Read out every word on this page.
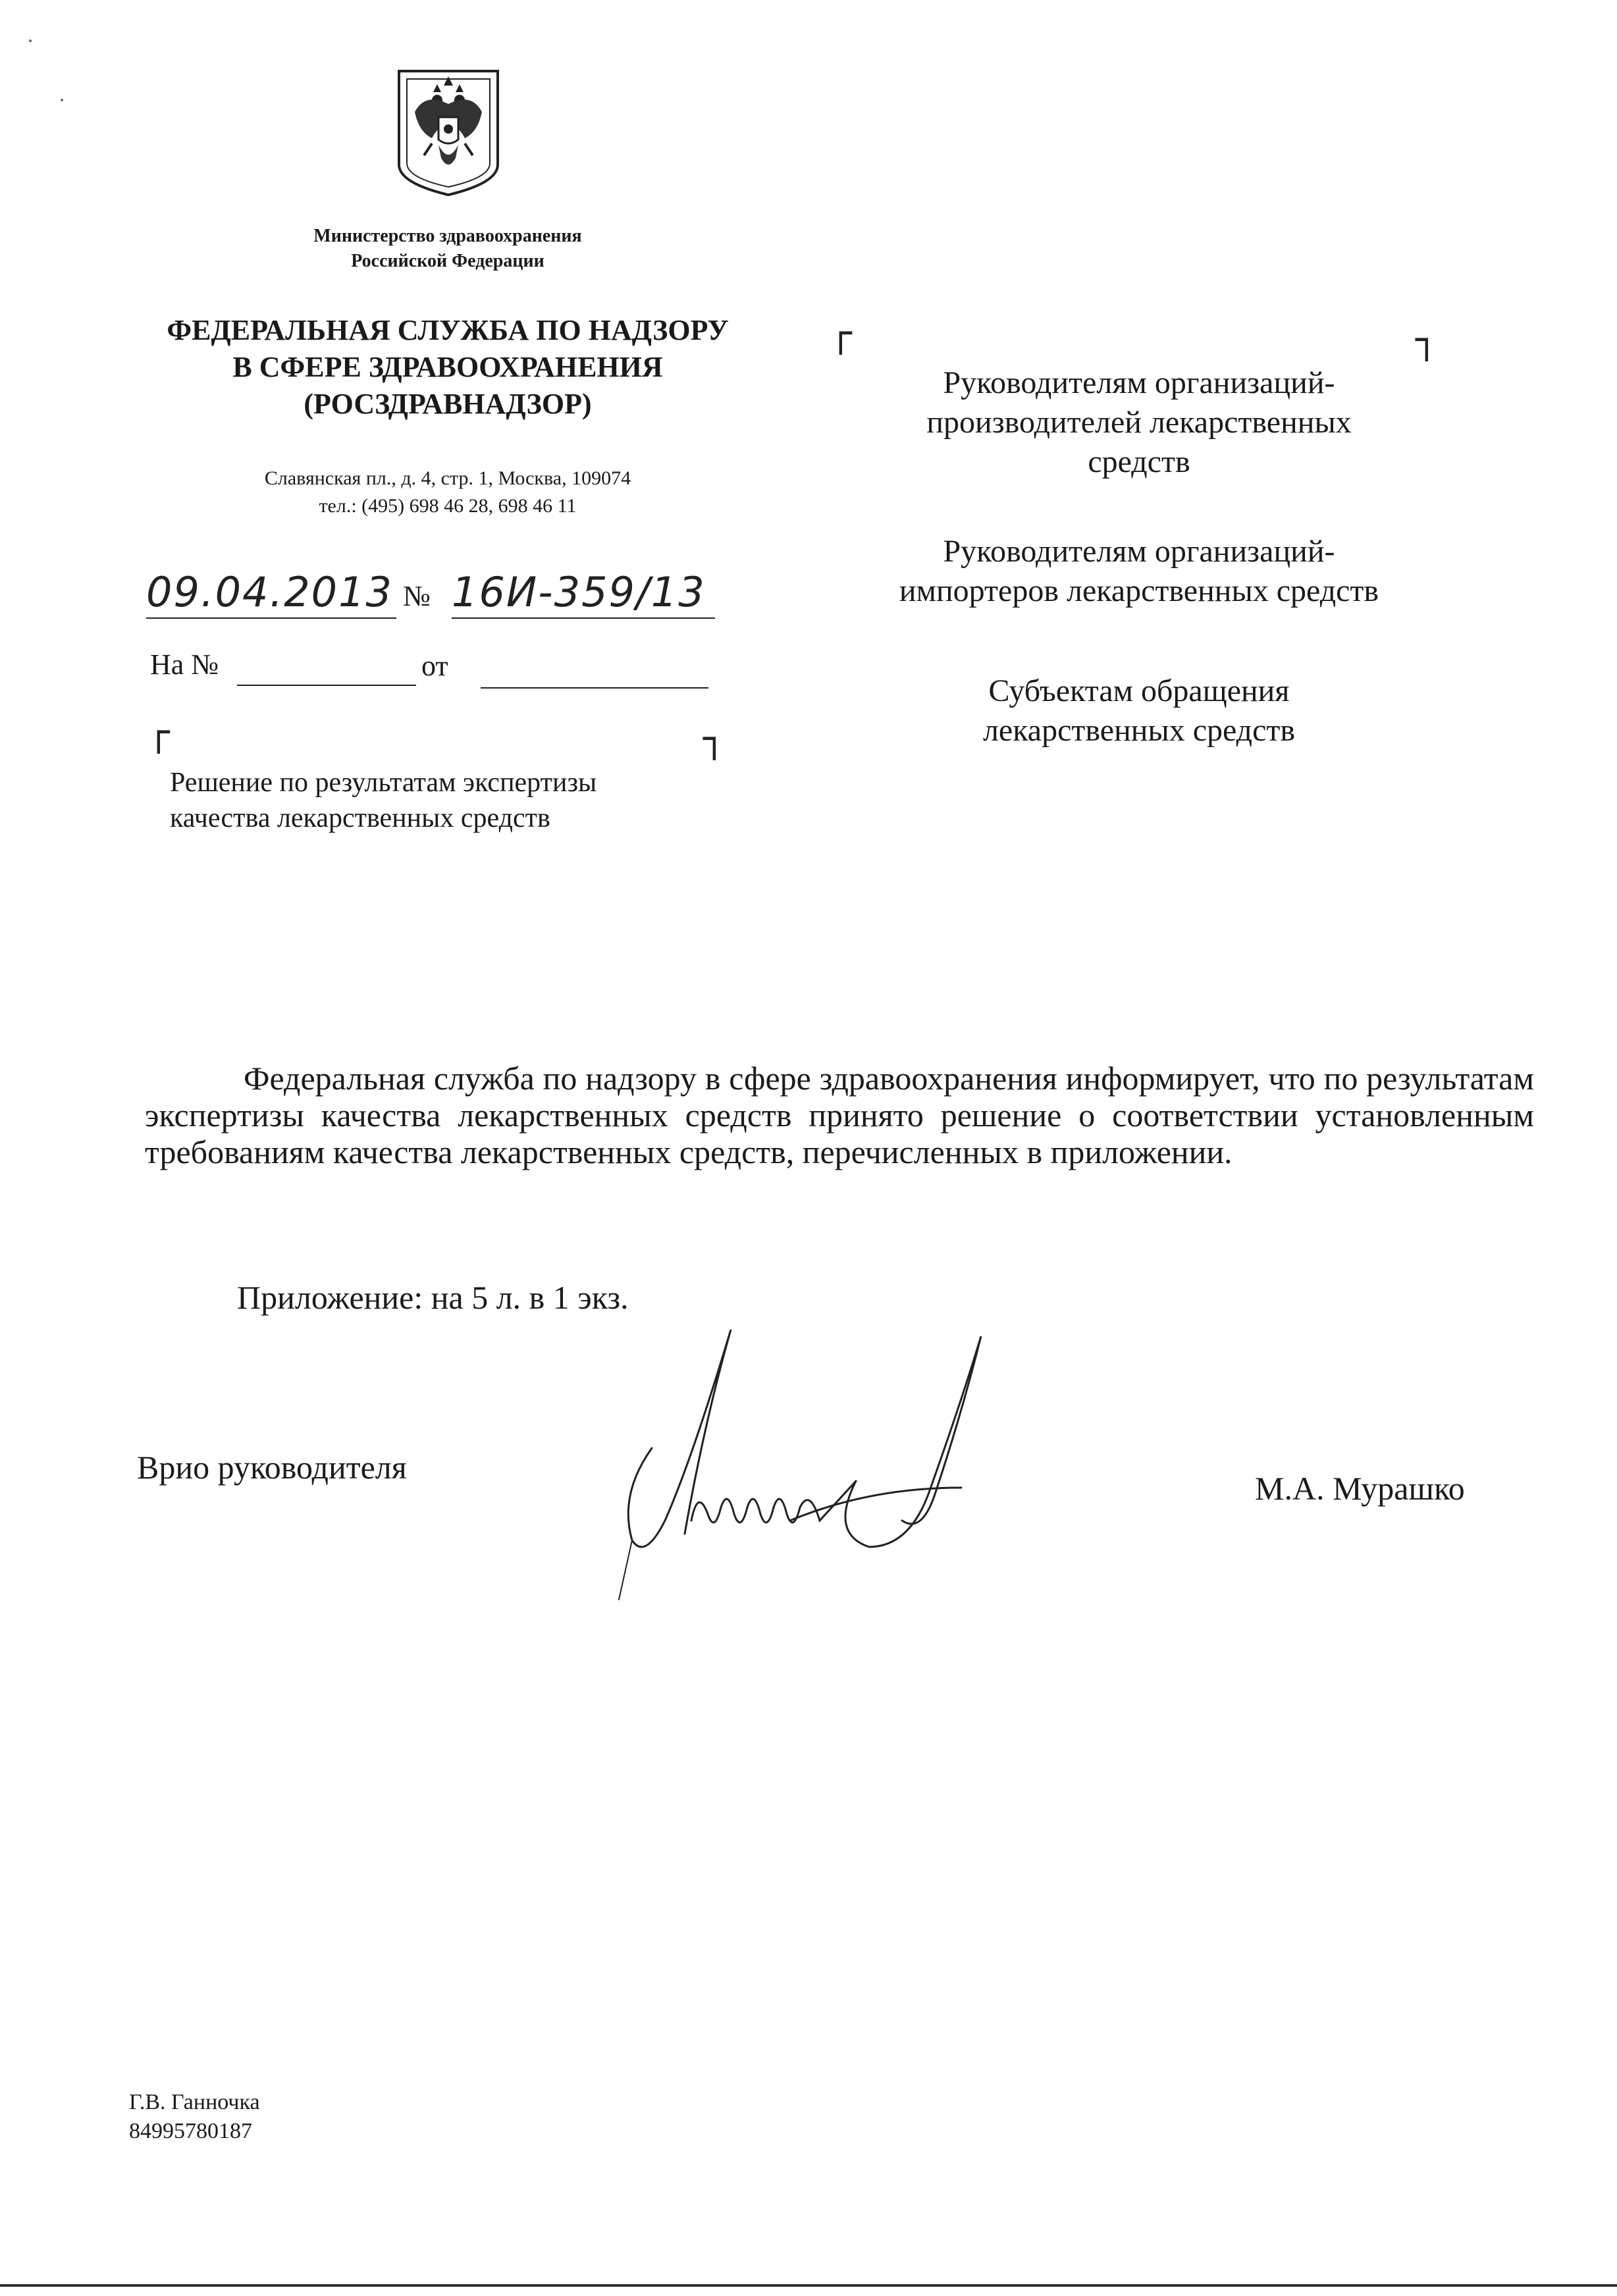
Министерство здравоохранения
Российской Федерации
ФЕДЕРАЛЬНАЯ СЛУЖБА ПО НАДЗОРУ
В СФЕРЕ ЗДРАВООХРАНЕНИЯ
(РОСЗДРАВНАДЗОР)
Славянская пл., д. 4, стр. 1, Москва, 109074
тел.: (495) 698 46 28, 698 46 11
09.04.2013 № 16И-359/13
На №	от
┌	┐
Решение по результатам экспертизы
качества лекарственных средств
┌	┐
Руководителям организаций-
производителей лекарственных
средств
Руководителям организаций-
импортеров лекарственных средств
Субъектам обращения
лекарственных средств

Федеральная служба по надзору в сфере здравоохранения информирует, что по результатам экспертизы качества лекарственных средств принято решение о соответствии установленным требованиям качества лекарственных средств, перечисленных в приложении.

Приложение: на 5 л. в 1 экз.
Врио руководителя
М.А. Мурашко
Г.В. Ганночка
84995780187
